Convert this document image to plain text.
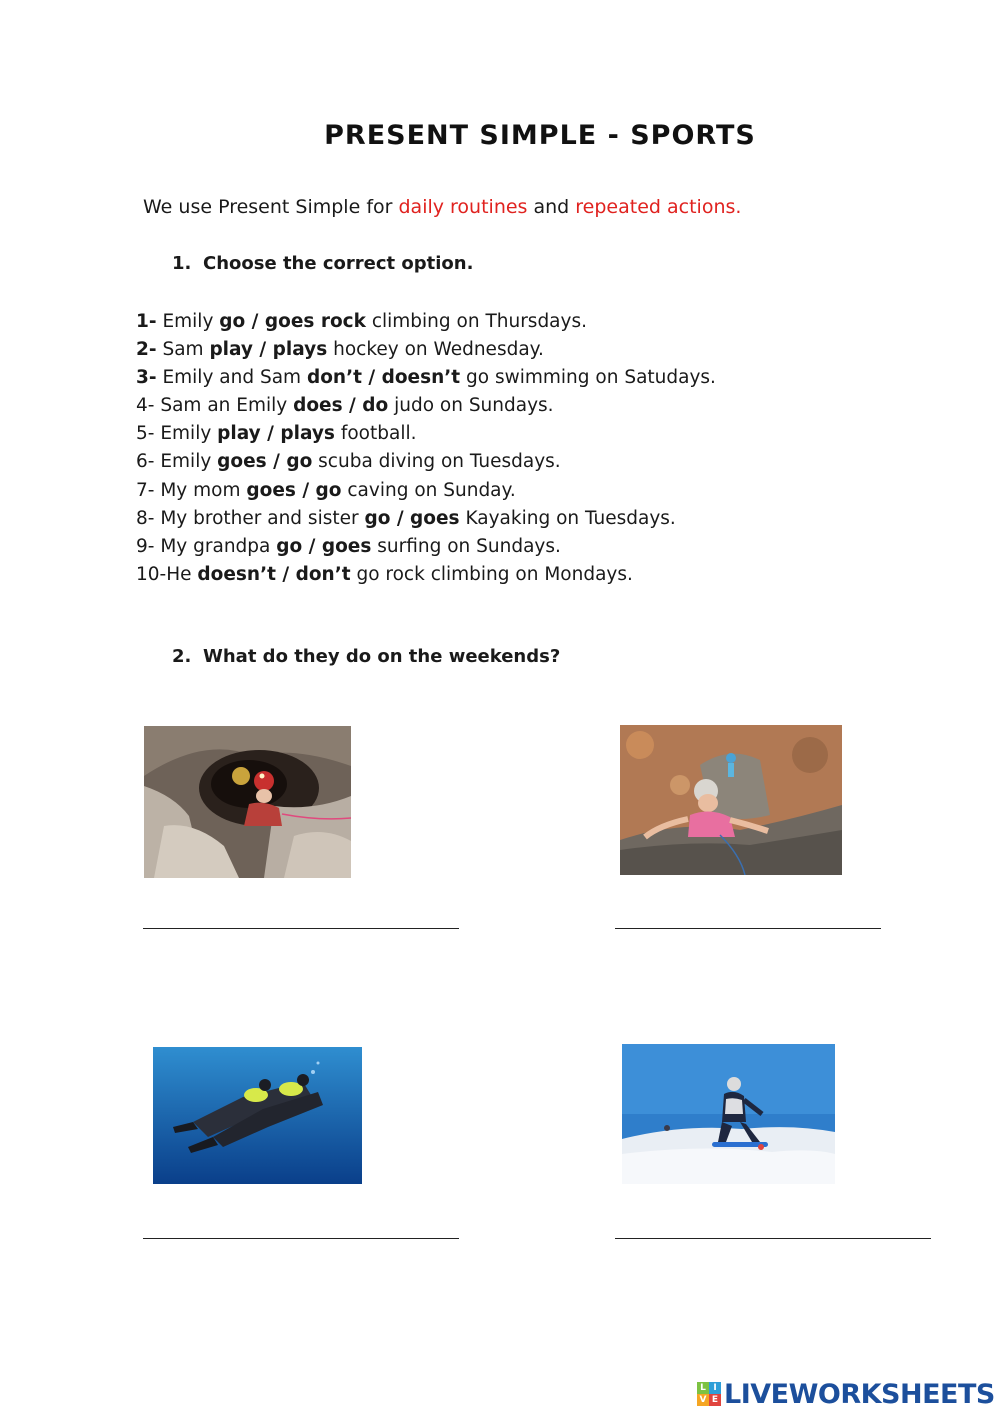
PRESENT SIMPLE - SPORTS
We use Present Simple for daily routines and repeated actions.
1. Choose the correct option.
1- Emily go / goes rock climbing on Thursdays.
2- Sam play / plays hockey on Wednesday.
3- Emily and Sam don’t / doesn’t go swimming on Satudays.
4- Sam an Emily does / do judo on Sundays.
5- Emily play / plays football.
6- Emily goes / go scuba diving on Tuesdays.
7- My mom goes / go caving on Sunday.
8- My brother and sister go / goes Kayaking on Tuesdays.
9- My grandpa go / goes surfing on Sundays.
10-He doesn’t / don’t go rock climbing on Mondays.
2. What do they do on the weekends?
L I
V E LIVEWORKSHEETS
